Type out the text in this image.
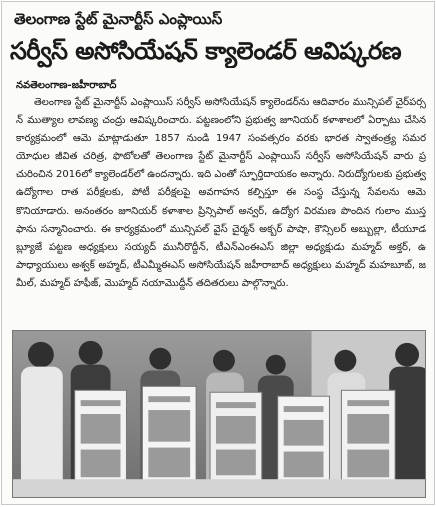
తెలంగాణ స్టేట్ మైనార్టీస్ ఎంప్లాయిస్
సర్వీస్ అసోసియేషన్ క్యాలెండర్ ఆవిష్కరణ
నవతెలంగాణ-జహీరాబాద్

తెలంగాణ స్టేట్ మైనార్టీస్ ఎంప్లాయిస్ సర్వీస్ అసోసియేషన్ క్యాలెండర్‌ను ఆదివారం మున్సిపల్ చైర్‌పర్సన్ ముత్యాల లావణ్య చంద్రు ఆవిష్కరించారు. పట్టణంలోని ప్రభుత్వ జూనియర్ కళాశాలలో ఏర్పాటు చేసిన కార్యక్రమంలో ఆమె మాట్లాడుతూ 1857 నుండి 1947 సంవత్సరం వరకు భారత స్వాతంత్ర్య సమర యోధుల జీవిత చరిత్ర, ఫొటోలతో తెలంగాణ స్టేట్ మైనార్టీస్ ఎంప్లాయిస్ సర్వీస్ అసోసియేషన్ వారు ప్రచురించిన 2016లో క్యాలెండర్‌లో ఉందన్నారు. ఇది ఎంతో స్ఫూర్తిదాయకం అన్నారు. నిరుద్యోగులకు ప్రభుత్వ ఉద్యోగాల రాత పరీక్షలకు, పోటీ పరీక్షలపై అవగాహన కల్పిస్తూ ఈ సంస్థ చేస్తున్న సేవలను ఆమె కొనియాడారు. అనంతరం జూనియర్ కళాశాల ప్రిన్సిపాల్ అన్వర్, ఉద్యోగ విరమణ పొందిన గులాం ముస్తఫాను సన్మానించారు. ఈ కార్యక్రమంలో మున్సిపల్ వైస్ చైర్మన్ అక్బర్ పాషా, కౌన్సిలర్ అబ్బుల్లా, టీయూడబ్ల్యూజే పట్టణ అధ్యక్షులు సయ్యద్ మునీరొద్దీన్, టీఎన్‌ఎంఈఎస్ జిల్లా అధ్యక్షుడు మహ్మద్ అక్తర్, ఉపాధ్యాయులు అశ్వక్ అహ్మద్, టీఎమ్మీఈఎస్ అసోసియేషన్ జహీరాబాద్ అధ్యక్షులు మహ్మద్ మహబూబ్, జమీల్, మహ్మద్ హఫీజ్, మొహ్మద్ నయామొద్దీన్ తదితరులు పాల్గొన్నారు.
